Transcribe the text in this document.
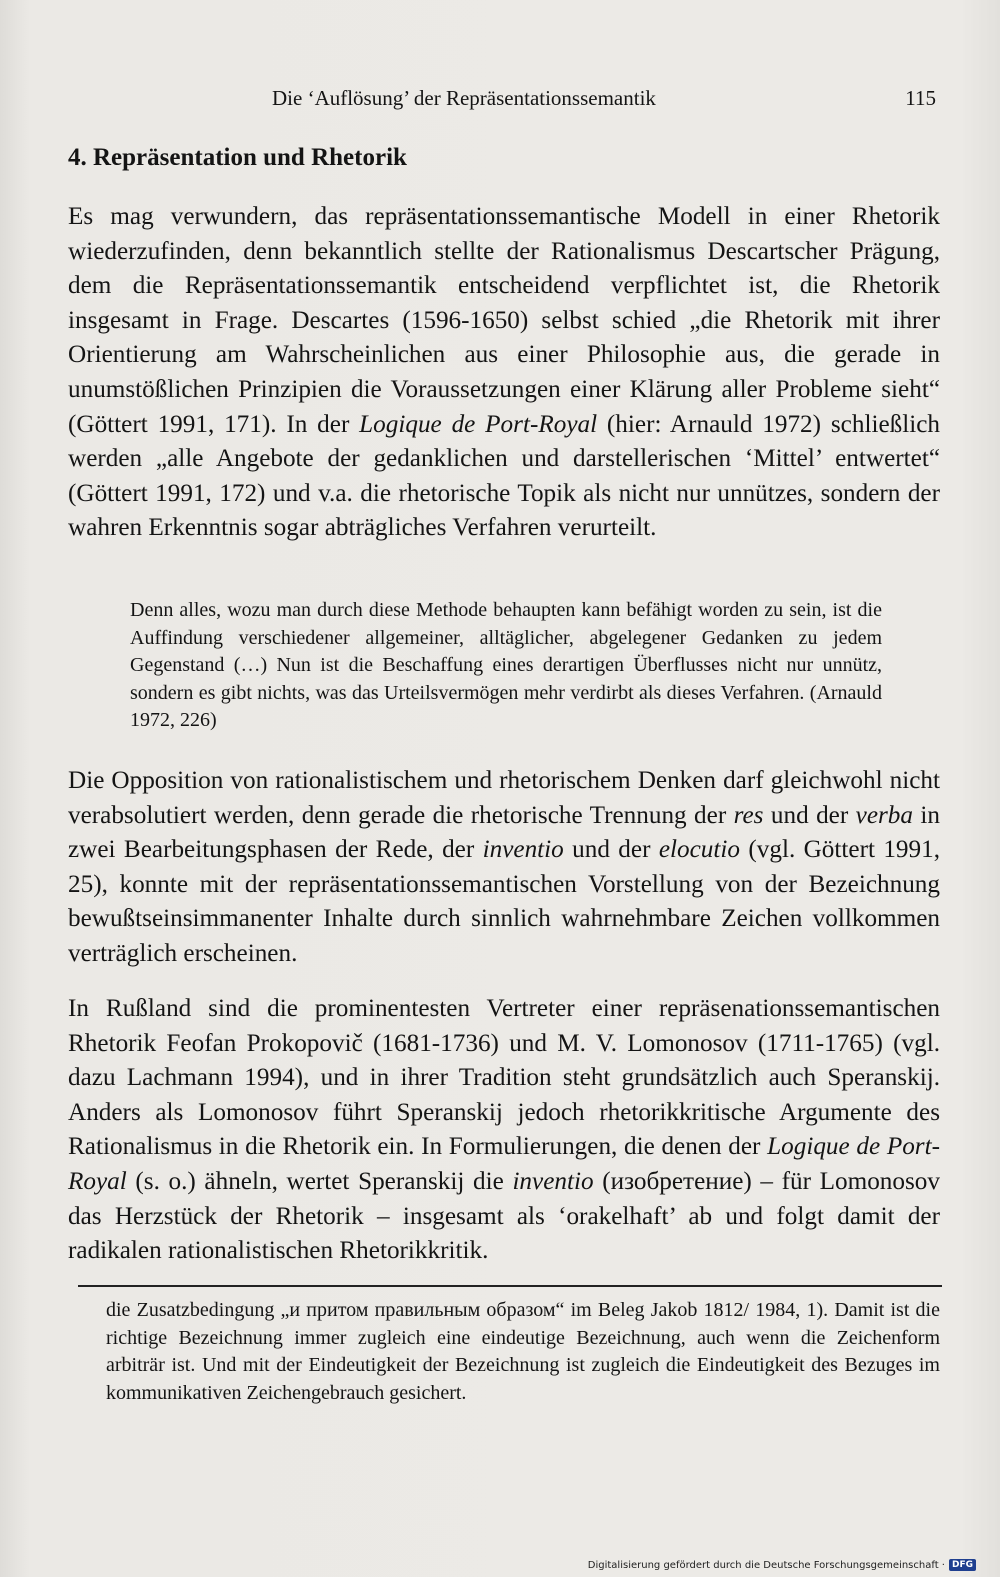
Die ‘Auflösung’ der Repräsentationssemantik	115
4. Repräsentation und Rhetorik

Es mag verwundern, das repräsentationssemantische Modell in einer Rhetorik wiederzufinden, denn bekanntlich stellte der Rationalismus Descartscher Prägung, dem die Repräsentationssemantik entscheidend verpflichtet ist, die Rhetorik insgesamt in Frage. Descartes (1596-1650) selbst schied „die Rhetorik mit ihrer Orientierung am Wahrscheinlichen aus einer Philosophie aus, die gerade in unumstößlichen Prinzipien die Voraussetzungen einer Klärung aller Probleme sieht“ (Göttert 1991, 171). In der Logique de Port-Royal (hier: Arnauld 1972) schließlich werden „alle Angebote der gedanklichen und darstellerischen ‘Mittel’ entwertet“ (Göttert 1991, 172) und v.a. die rhetorische Topik als nicht nur unnützes, sondern der wahren Erkenntnis sogar abträgliches Verfahren verurteilt.

Denn alles, wozu man durch diese Methode behaupten kann befähigt worden zu sein, ist die Auffindung verschiedener allgemeiner, alltäglicher, abgelegener Gedanken zu jedem Gegenstand (…) Nun ist die Beschaffung eines derartigen Überflusses nicht nur unnütz, sondern es gibt nichts, was das Urteilsvermögen mehr verdirbt als dieses Verfahren. (Arnauld 1972, 226)

Die Opposition von rationalistischem und rhetorischem Denken darf gleichwohl nicht verabsolutiert werden, denn gerade die rhetorische Trennung der res und der verba in zwei Bearbeitungsphasen der Rede, der inventio und der elocutio (vgl. Göttert 1991, 25), konnte mit der repräsentationssemantischen Vorstellung von der Bezeichnung bewußtseinsimmanenter Inhalte durch sinnlich wahrnehmbare Zeichen vollkommen verträglich erscheinen.

In Rußland sind die prominentesten Vertreter einer repräsenationssemantischen Rhetorik Feofan Prokopovič (1681-1736) und M. V. Lomonosov (1711-1765) (vgl. dazu Lachmann 1994), und in ihrer Tradition steht grundsätzlich auch Speranskij. Anders als Lomonosov führt Speranskij jedoch rhetorikkritische Argumente des Rationalismus in die Rhetorik ein. In Formulierungen, die denen der Logique de Port-Royal (s. o.) ähneln, wertet Speranskij die inventio (изобретение) – für Lomonosov das Herzstück der Rhetorik – insgesamt als ‘orakelhaft’ ab und folgt damit der radikalen rationalistischen Rhetorikkritik.

die Zusatzbedingung „и притом правильным образом“ im Beleg Jakob 1812/ 1984, 1). Damit ist die richtige Bezeichnung immer zugleich eine eindeutige Bezeichnung, auch wenn die Zeichenform arbiträr ist. Und mit der Eindeutigkeit der Bezeichnung ist zugleich die Eindeutigkeit des Bezuges im kommunikativen Zeichengebrauch gesichert.

Digitalisierung gefördert durch die Deutsche Forschungsgemeinschaft · DFG
